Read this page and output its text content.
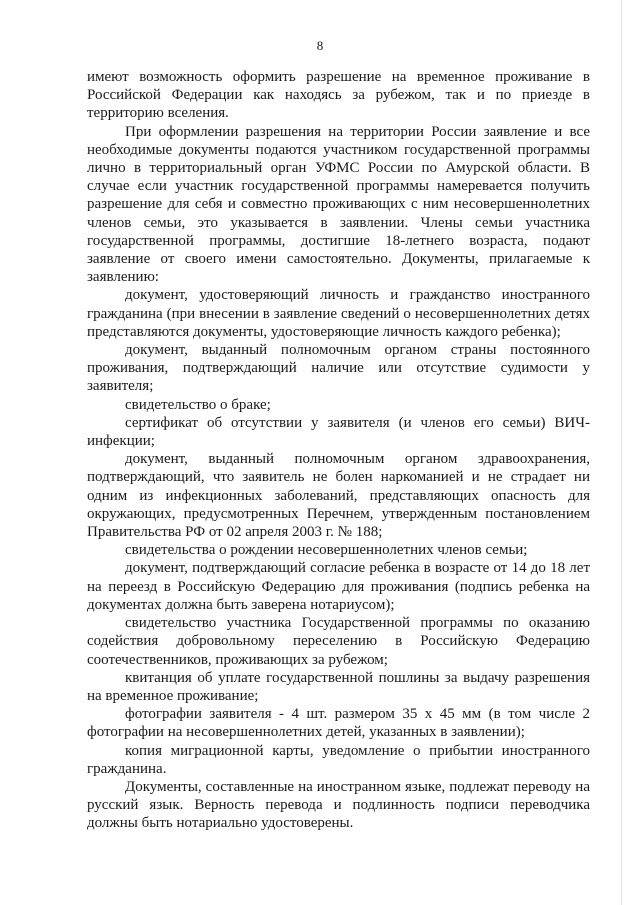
8

имеют возможность оформить разрешение на временное проживание в Российской Федерации как находясь за рубежом, так и по приезде в территорию вселения.

При оформлении разрешения на территории России заявление и все необходимые документы подаются участником государственной программы лично в территориальный орган УФМС России по Амурской области. В случае если участник государственной программы намеревается получить разрешение для себя и совместно проживающих с ним несовершеннолетних членов семьи, это указывается в заявлении. Члены семьи участника государственной программы, достигшие 18-летнего возраста, подают заявление от своего имени самостоятельно. Документы, прилагаемые к заявлению:

документ, удостоверяющий личность и гражданство иностранного гражданина (при внесении в заявление сведений о несовершеннолетних детях представляются документы, удостоверяющие личность каждого ребенка);

документ, выданный полномочным органом страны постоянного проживания, подтверждающий наличие или отсутствие судимости у заявителя;

свидетельство о браке;

сертификат об отсутствии у заявителя (и членов его семьи) ВИЧ-инфекции;

документ, выданный полномочным органом здравоохранения, подтверждающий, что заявитель не болен наркоманией и не страдает ни одним из инфекционных заболеваний, представляющих опасность для окружающих, предусмотренных Перечнем, утвержденным постановлением Правительства РФ от 02 апреля 2003 г. № 188;

свидетельства о рождении несовершеннолетних членов семьи;

документ, подтверждающий согласие ребенка в возрасте от 14 до 18 лет на переезд в Российскую Федерацию для проживания (подпись ребенка на документах должна быть заверена нотариусом);

свидетельство участника Государственной программы по оказанию содействия добровольному переселению в Российскую Федерацию соотечественников, проживающих за рубежом;

квитанция об уплате государственной пошлины за выдачу разрешения на временное проживание;

фотографии заявителя - 4 шт. размером 35 х 45 мм (в том числе 2 фотографии на несовершеннолетних детей, указанных в заявлении);

копия миграционной карты, уведомление о прибытии иностранного гражданина.

Документы, составленные на иностранном языке, подлежат переводу на русский язык. Верность перевода и подлинность подписи переводчика должны быть нотариально удостоверены.
